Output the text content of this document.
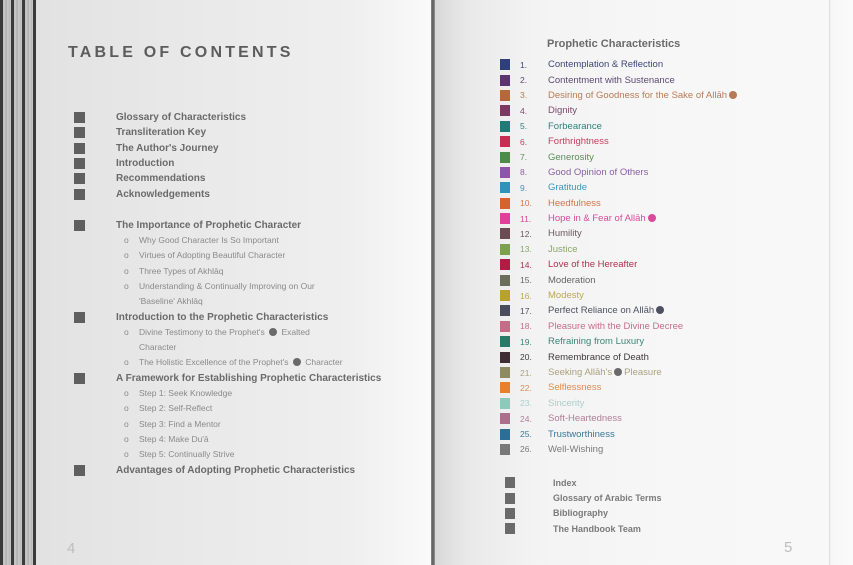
TABLE OF CONTENTS
Glossary of Characteristics
Transliteration Key
The Author's Journey
Introduction
Recommendations
Acknowledgements
The Importance of Prophetic Character
o	Why Good Character Is So Important
o	Virtues of Adopting Beautiful Character
o	Three Types of Akhlāq
o	Understanding & Continually Improving on Our 'Baseline' Akhlāq
Introduction to the Prophetic Characteristics
o	Divine Testimony to the Prophet's Exalted Character
o	The Holistic Excellence of the Prophet's Character
A Framework for Establishing Prophetic Characteristics
o	Step 1: Seek Knowledge
o	Step 2: Self-Reflect
o	Step 3: Find a Mentor
o	Step 4: Make Du'ā
o	Step 5: Continually Strive
Advantages of Adopting Prophetic Characteristics
4
Prophetic Characteristics
1.	Contemplation & Reflection
2.	Contentment with Sustenance
3.	Desiring of Goodness for the Sake of Allāh
4.	Dignity
5.	Forbearance
6.	Forthrightness
7.	Generosity
8.	Good Opinion of Others
9.	Gratitude
10.	Heedfulness
11.	Hope in & Fear of Allāh
12.	Humility
13.	Justice
14.	Love of the Hereafter
15.	Moderation
16.	Modesty
17.	Perfect Reliance on Allāh
18.	Pleasure with the Divine Decree
19.	Refraining from Luxury
20.	Remembrance of Death
21.	Seeking Allāh's Pleasure
22.	Selflessness
23.	Sincerity
24.	Soft-Heartedness
25.	Trustworthiness
26.	Well-Wishing
Index
Glossary of Arabic Terms
Bibliography
The Handbook Team
5
